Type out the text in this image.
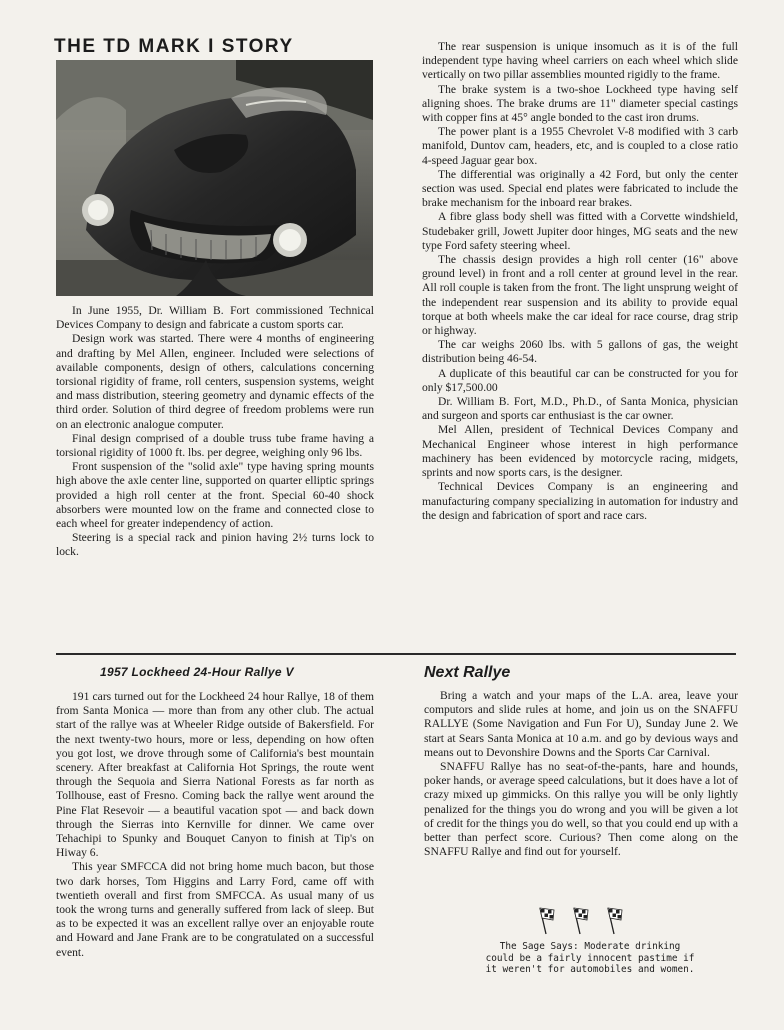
THE TD MARK I STORY

In June 1955, Dr. William B. Fort commissioned Technical Devices Company to design and fabricate a custom sports car.

Design work was started. There were 4 months of engineering and drafting by Mel Allen, engineer. Included were selections of available components, design of others, calculations concerning torsional rigidity of frame, roll centers, suspension systems, weight and mass distribution, steering geometry and dynamic effects of the third order. Solution of third degree of freedom problems were run on an electronic analogue computer.

Final design comprised of a double truss tube frame having a torsional rigidity of 1000 ft. lbs. per degree, weighing only 96 lbs.

Front suspension of the "solid axle" type having spring mounts high above the axle center line, supported on quarter elliptic springs provided a high roll center at the front. Special 60-40 shock absorbers were mounted low on the frame and connected close to each wheel for greater independency of action.

Steering is a special rack and pinion having 2½ turns lock to lock.

The rear suspension is unique insomuch as it is of the full independent type having wheel carriers on each wheel which slide vertically on two pillar assemblies mounted rigidly to the frame.

The brake system is a two-shoe Lockheed type having self aligning shoes. The brake drums are 11" diameter special castings with copper fins at 45° angle bonded to the cast iron drums.

The power plant is a 1955 Chevrolet V-8 modified with 3 carb manifold, Duntov cam, headers, etc, and is coupled to a close ratio 4-speed Jaguar gear box.

The differential was originally a 42 Ford, but only the center section was used. Special end plates were fabricated to include the brake mechanism for the inboard rear brakes.

A fibre glass body shell was fitted with a Corvette windshield, Studebaker grill, Jowett Jupiter door hinges, MG seats and the new type Ford safety steering wheel.

The chassis design provides a high roll center (16" above ground level) in front and a roll center at ground level in the rear. All roll couple is taken from the front. The light unsprung weight of the independent rear suspension and its ability to provide equal torque at both wheels make the car ideal for race course, drag strip or highway.

The car weighs 2060 lbs. with 5 gallons of gas, the weight distribution being 46-54.

A duplicate of this beautiful car can be constructed for you for only $17,500.00

Dr. William B. Fort, M.D., Ph.D., of Santa Monica, physician and surgeon and sports car enthusiast is the car owner.

Mel Allen, president of Technical Devices Company and Mechanical Engineer whose interest in high performance machinery has been evidenced by motorcycle racing, midgets, sprints and now sports cars, is the designer.

Technical Devices Company is an engineering and manufacturing company specializing in automation for industry and the design and fabrication of sport and race cars.

1957 Lockheed 24-Hour Rallye V

191 cars turned out for the Lockheed 24 hour Rallye, 18 of them from Santa Monica — more than from any other club. The actual start of the rallye was at Wheeler Ridge outside of Bakersfield. For the next twenty-two hours, more or less, depending on how often you got lost, we drove through some of California's best mountain scenery. After breakfast at California Hot Springs, the route went through the Sequoia and Sierra National Forests as far north as Tollhouse, east of Fresno. Coming back the rallye went around the Pine Flat Resevoir — a beautiful vacation spot — and back down through the Sierras into Kernville for dinner. We came over Tehachipi to Spunky and Bouquet Canyon to finish at Tip's on Hiway 6.

This year SMFCCA did not bring home much bacon, but those two dark horses, Tom Higgins and Larry Ford, came off with twentieth overall and first from SMFCCA. As usual many of us took the wrong turns and generally suffered from lack of sleep. But as to be expected it was an excellent rallye over an enjoyable route and Howard and Jane Frank are to be congratulated on a successful event.

Next Rallye

Bring a watch and your maps of the L.A. area, leave your computors and slide rules at home, and join us on the SNAFFU RALLYE (Some Navigation and Fun For U), Sunday June 2. We start at Sears Santa Monica at 10 a.m. and go by devious ways and means out to Devonshire Downs and the Sports Car Carnival.

SNAFFU Rallye has no seat-of-the-pants, hare and hounds, poker hands, or average speed calculations, but it does have a lot of crazy mixed up gimmicks. On this rallye you will be only lightly penalized for the things you do wrong and you will be given a lot of credit for the things you do well, so that you could end up with a better than perfect score. Curious? Then come along on the SNAFFU Rallye and find out for yourself.

The Sage Says: Moderate drinking
could be a fairly innocent pastime if
it weren't for automobiles and women.
